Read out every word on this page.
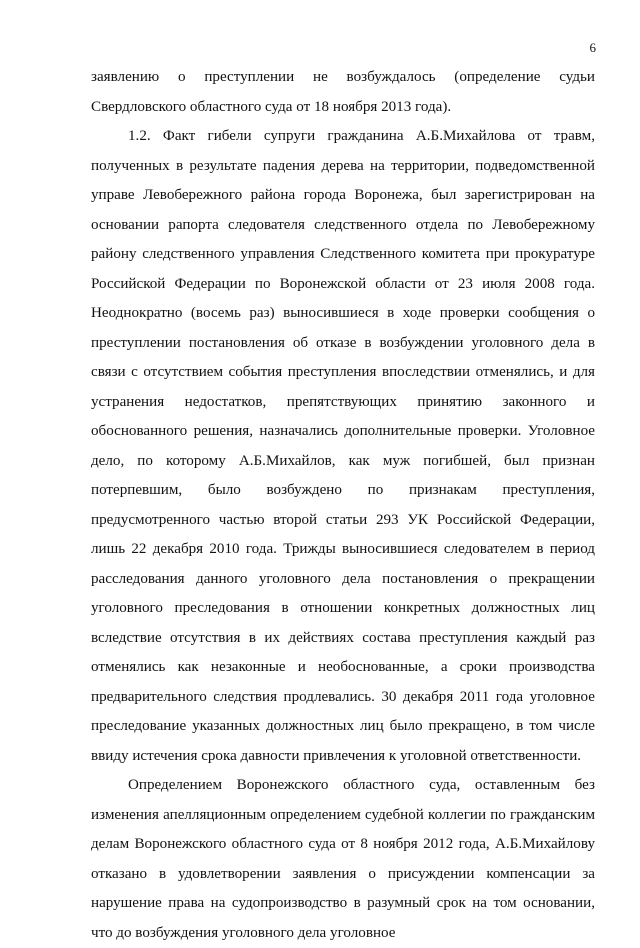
6

заявлению о преступлении не возбуждалось (определение судьи Свердловского областного суда от 18 ноября 2013 года).

1.2. Факт гибели супруги гражданина А.Б.Михайлова от травм, полученных в результате падения дерева на территории, подведомственной управе Левобережного района города Воронежа, был зарегистрирован на основании рапорта следователя следственного отдела по Левобережному району следственного управления Следственного комитета при прокуратуре Российской Федерации по Воронежской области от 23 июля 2008 года. Неоднократно (восемь раз) выносившиеся в ходе проверки сообщения о преступлении постановления об отказе в возбуждении уголовного дела в связи с отсутствием события преступления впоследствии отменялись, и для устранения недостатков, препятствующих принятию законного и обоснованного решения, назначались дополнительные проверки. Уголовное дело, по которому А.Б.Михайлов, как муж погибшей, был признан потерпевшим, было возбуждено по признакам преступления, предусмотренного частью второй статьи 293 УК Российской Федерации, лишь 22 декабря 2010 года. Трижды выносившиеся следователем в период расследования данного уголовного дела постановления о прекращении уголовного преследования в отношении конкретных должностных лиц вследствие отсутствия в их действиях состава преступления каждый раз отменялись как незаконные и необоснованные, а сроки производства предварительного следствия продлевались. 30 декабря 2011 года уголовное преследование указанных должностных лиц было прекращено, в том числе ввиду истечения срока давности привлечения к уголовной ответственности.

Определением Воронежского областного суда, оставленным без изменения апелляционным определением судебной коллегии по гражданским делам Воронежского областного суда от 8 ноября 2012 года, А.Б.Михайлову отказано в удовлетворении заявления о присуждении компенсации за нарушение права на судопроизводство в разумный срок на том основании, что до возбуждения уголовного дела уголовное
